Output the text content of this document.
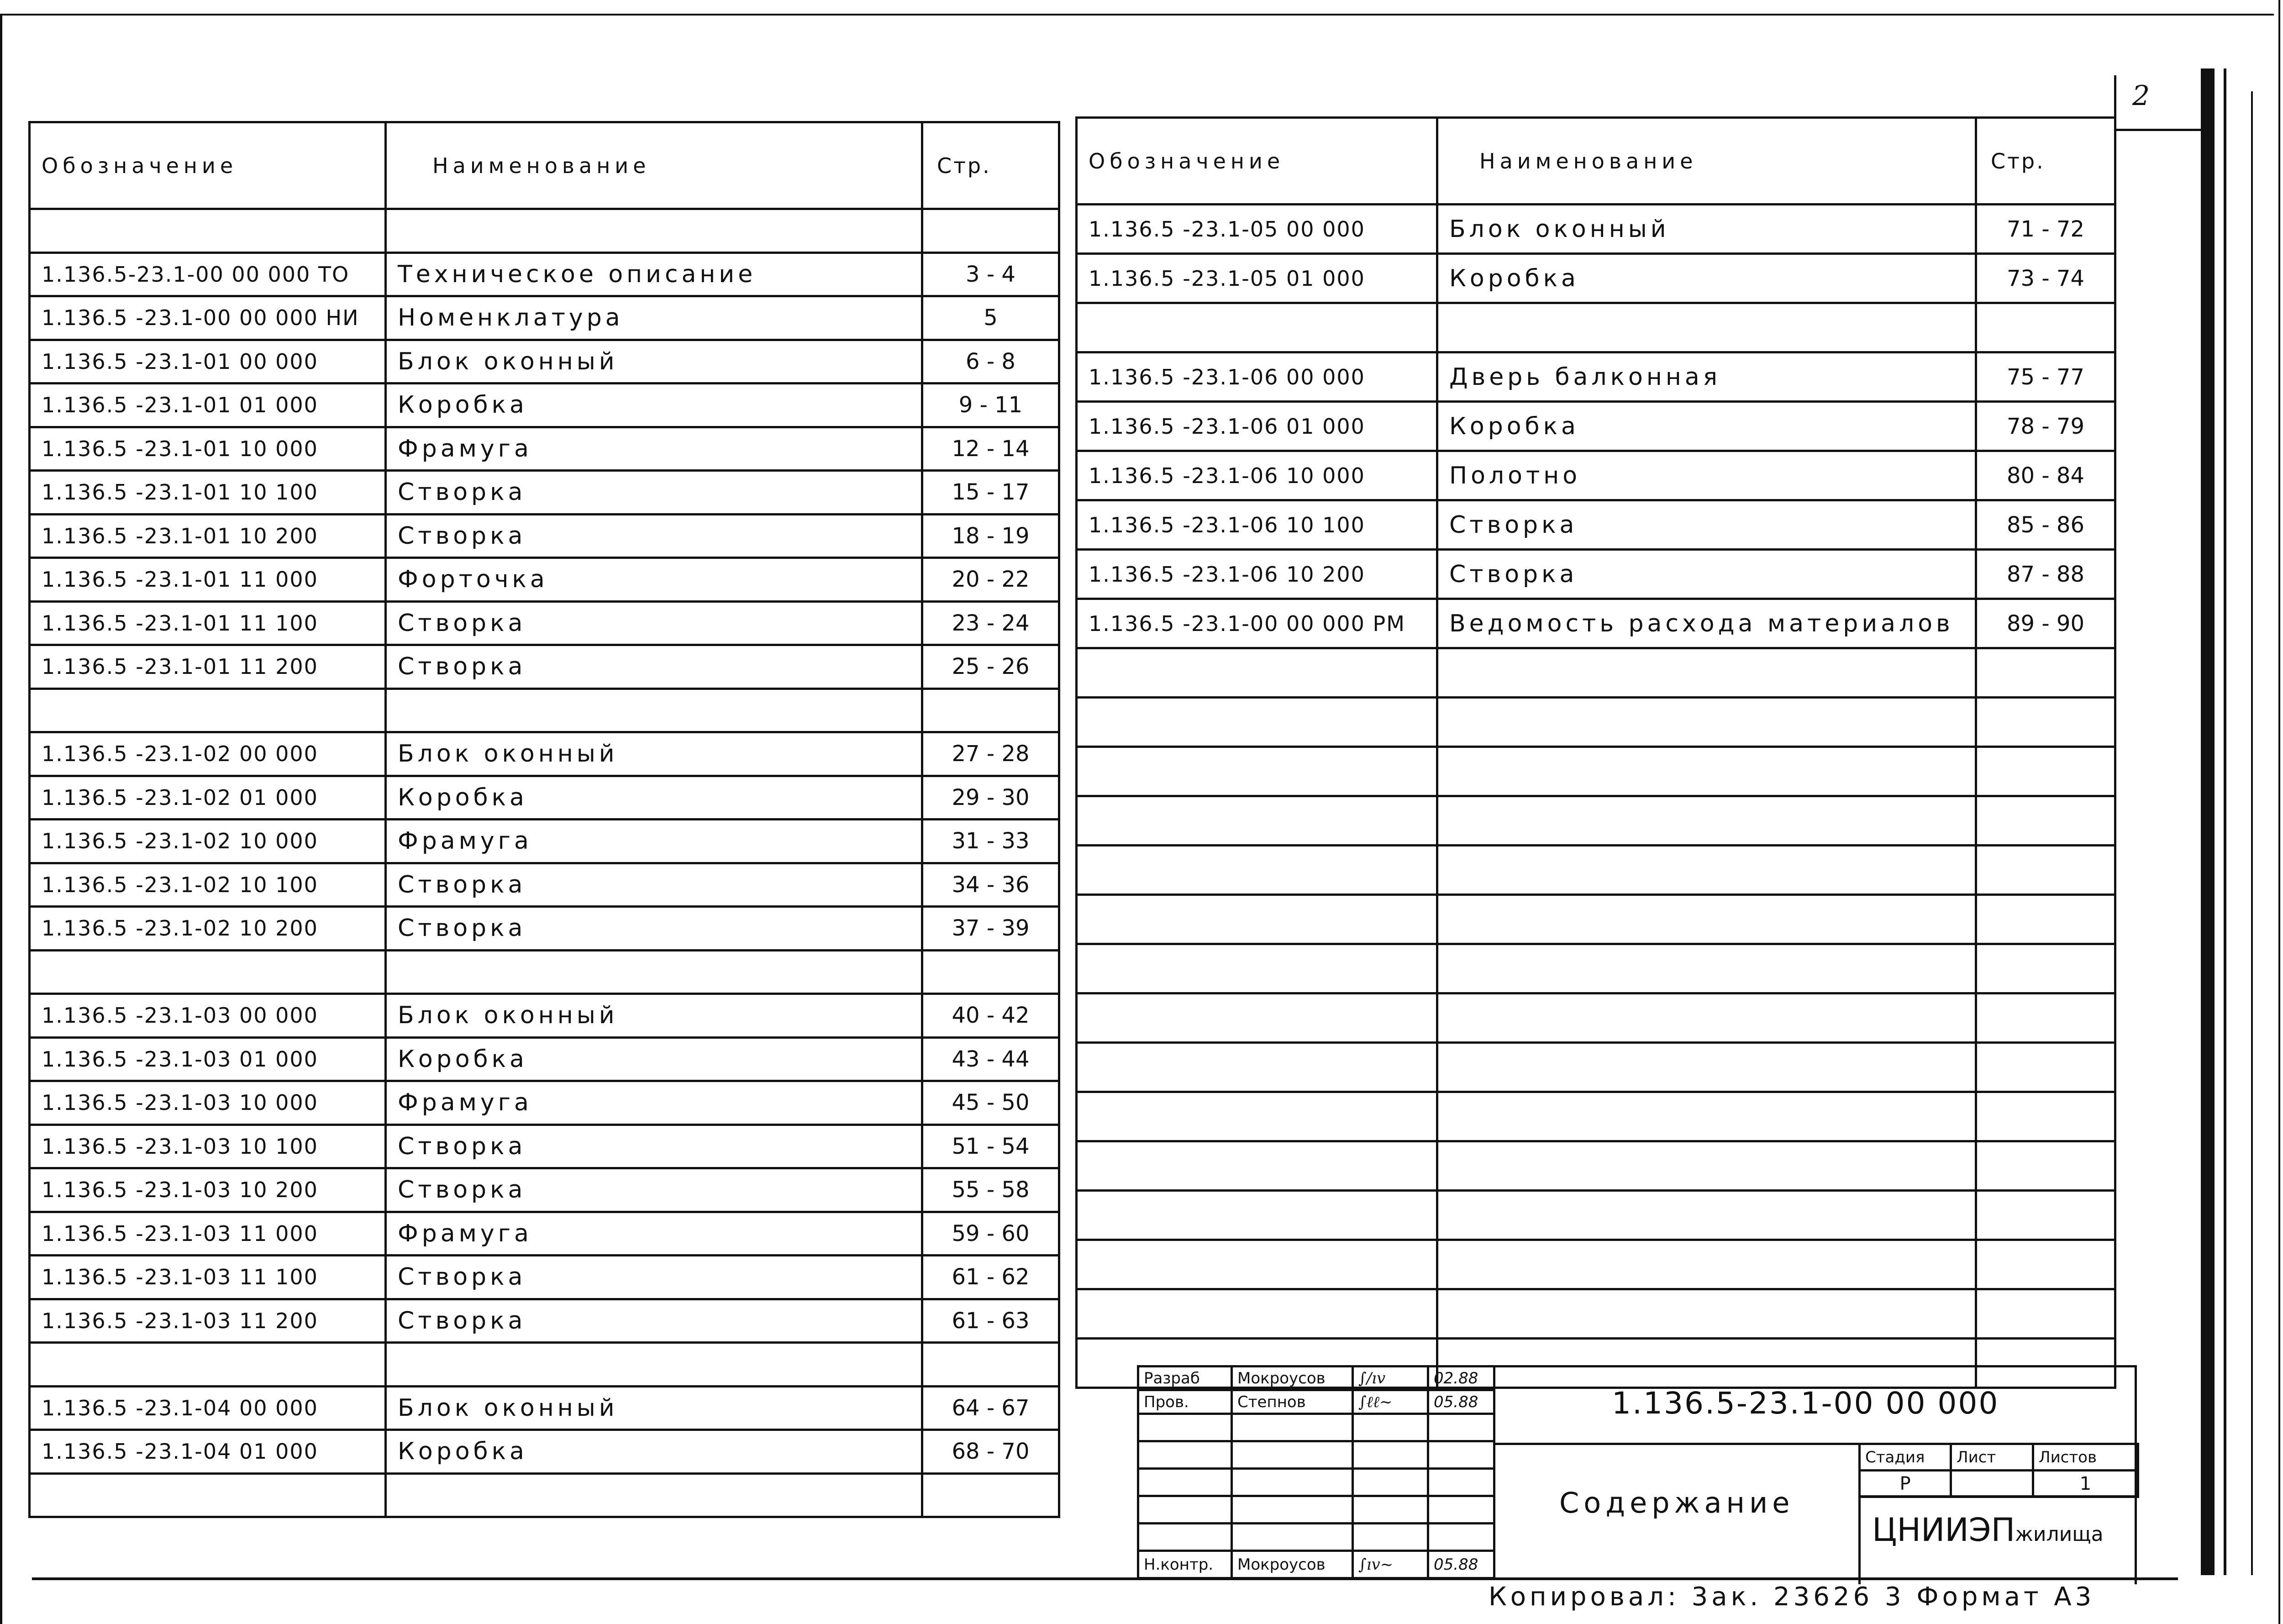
2
Обозначение	Наименование	Стр.

1.136.5-23.1-00 00 000 ТО	Техническое описание	3 - 4
1.136.5 -23.1-00 00 000 НИ	Номенклатура	5
1.136.5 -23.1-01 00 000	Блок оконный	6 - 8
1.136.5 -23.1-01 01 000	Коробка	9 - 11
1.136.5 -23.1-01 10 000	Фрамуга	12 - 14
1.136.5 -23.1-01 10 100	Створка	15 - 17
1.136.5 -23.1-01 10 200	Створка	18 - 19
1.136.5 -23.1-01 11 000	Форточка	20 - 22
1.136.5 -23.1-01 11 100	Створка	23 - 24
1.136.5 -23.1-01 11 200	Створка	25 - 26

1.136.5 -23.1-02 00 000	Блок оконный	27 - 28
1.136.5 -23.1-02 01 000	Коробка	29 - 30
1.136.5 -23.1-02 10 000	Фрамуга	31 - 33
1.136.5 -23.1-02 10 100	Створка	34 - 36
1.136.5 -23.1-02 10 200	Створка	37 - 39

1.136.5 -23.1-03 00 000	Блок оконный	40 - 42
1.136.5 -23.1-03 01 000	Коробка	43 - 44
1.136.5 -23.1-03 10 000	Фрамуга	45 - 50
1.136.5 -23.1-03 10 100	Створка	51 - 54
1.136.5 -23.1-03 10 200	Створка	55 - 58
1.136.5 -23.1-03 11 000	Фрамуга	59 - 60
1.136.5 -23.1-03 11 100	Створка	61 - 62
1.136.5 -23.1-03 11 200	Створка	61 - 63

1.136.5 -23.1-04 00 000	Блок оконный	64 - 67
1.136.5 -23.1-04 01 000	Коробка	68 - 70

Обозначение	Наименование	Стр.
1.136.5 -23.1-05 00 000	Блок оконный	71 - 72
1.136.5 -23.1-05 01 000	Коробка	73 - 74

1.136.5 -23.1-06 00 000	Дверь балконная	75 - 77
1.136.5 -23.1-06 01 000	Коробка	78 - 79
1.136.5 -23.1-06 10 000	Полотно	80 - 84
1.136.5 -23.1-06 10 100	Створка	85 - 86
1.136.5 -23.1-06 10 200	Створка	87 - 88
1.136.5 -23.1-00 00 000 РМ	Ведомость расхода материалов	89 - 90

Разраб	Мокроусов	∫∕ıv	02.88
Пров.	Степнов	∫ℓℓ~	05.88

Н.контр.	Мокроусов	∫ıv~	05.88
1.136.5-23.1-00 00 000
Содержание
Стадия	Лист	Листов
Р		1
ЦНИИЭПжилища
Копировал: 3ак. 23626 3 Формат А3
